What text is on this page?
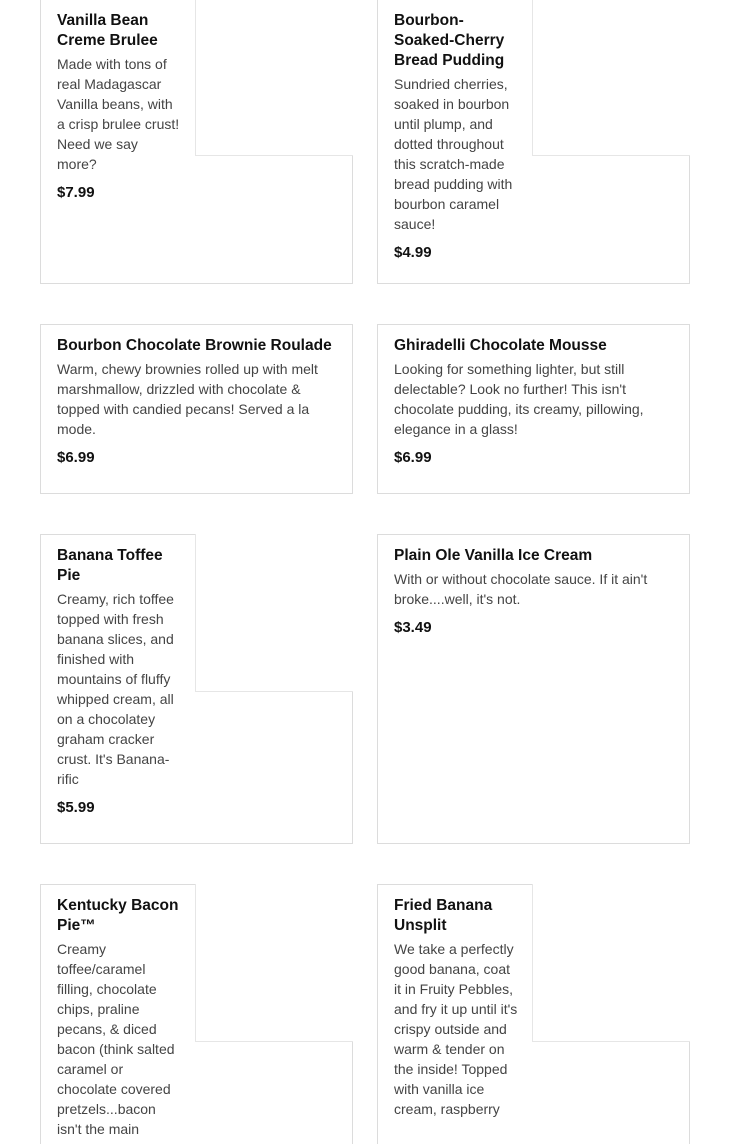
Vanilla Bean Creme Brulee
Made with tons of real Madagascar Vanilla beans, with a crisp brulee crust! Need we say more?
$7.99
Bourbon-Soaked-Cherry Bread Pudding
Sundried cherries, soaked in bourbon until plump, and dotted throughout this scratch-made bread pudding with bourbon caramel sauce!
$4.99
Bourbon Chocolate Brownie Roulade
Warm, chewy brownies rolled up with melt marshmallow, drizzled with chocolate & topped with candied pecans! Served a la mode.
$6.99
Ghiradelli Chocolate Mousse
Looking for something lighter, but still delectable? Look no further! This isn't chocolate pudding, its creamy, pillowing, elegance in a glass!
$6.99
Banana Toffee Pie
Creamy, rich toffee topped with fresh banana slices, and finished with mountains of fluffy whipped cream, all on a chocolatey graham cracker crust. It's Banana-rific
$5.99
Plain Ole Vanilla Ice Cream
With or without chocolate sauce. If it ain't broke....well, it's not.
$3.49
Kentucky Bacon Pie™
Creamy toffee/caramel filling, chocolate chips, praline pecans, & diced bacon (think salted caramel or chocolate covered pretzels...bacon isn't the main
Fried Banana Unsplit
We take a perfectly good banana, coat it in Fruity Pebbles, and fry it up until it's crispy outside and warm & tender on the inside! Topped with vanilla ice cream, raspberry
